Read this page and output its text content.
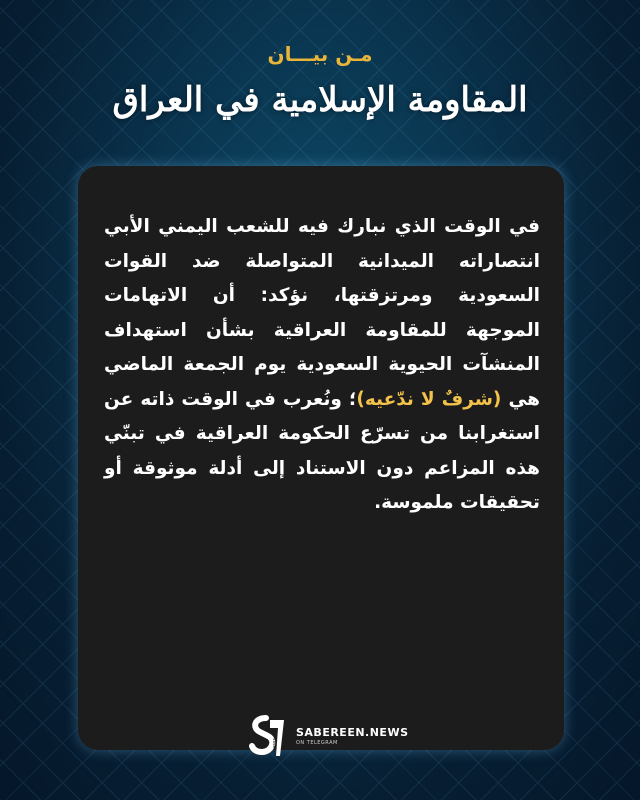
مـن بيـــان
المقاومة الإسلامية في العراق
في الوقت الذي نبارك فيه للشعب اليمني الأبي انتصاراته الميدانية المتواصلة ضد القوات السعودية ومرتزقتها، نؤكد: أن الاتهامات الموجهة للمقاومة العراقية بشأن استهداف المنشآت الحيوية السعودية يوم الجمعة الماضي هي (شرفٌ لا ندّعيه)؛ ونُعرب في الوقت ذاته عن استغرابنا من تسرّع الحكومة العراقية في تبنّي هذه المزاعم دون الاستناد إلى أدلة موثوقة أو تحقيقات ملموسة.
news
SABEREEN.NEWS
ON TELEGRAM
